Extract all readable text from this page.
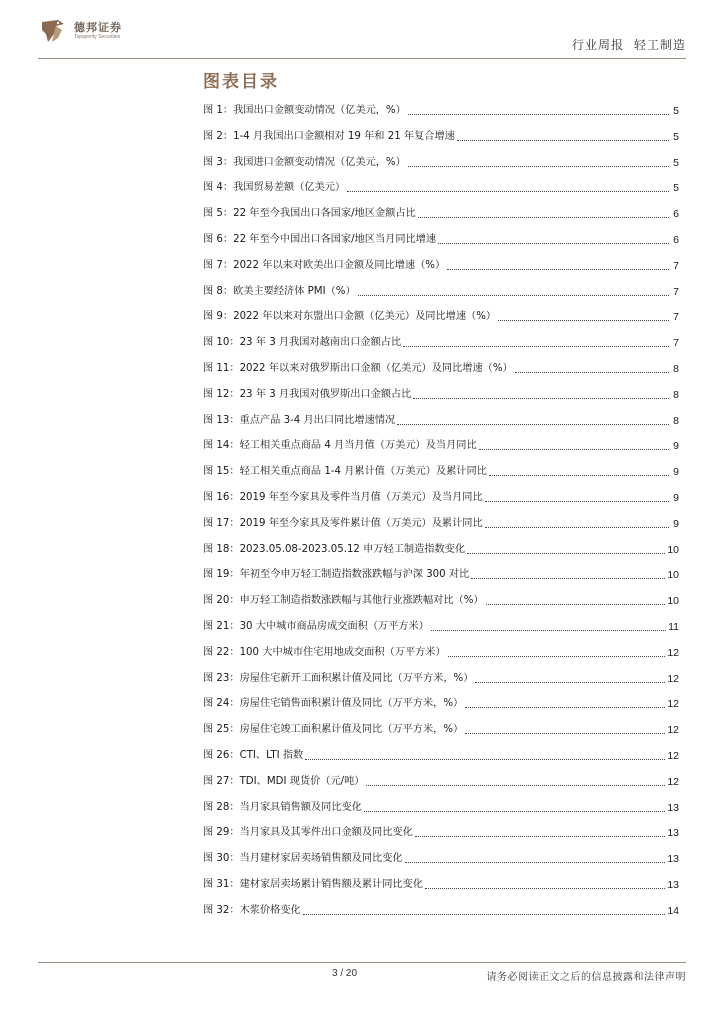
德邦证券
Topsperity Securities
行业周报 轻工制造
图表目录
图 1：我国出口金额变动情况（亿美元，%）	5
图 2：1-4 月我国出口金额相对 19 年和 21 年复合增速	5
图 3：我国进口金额变动情况（亿美元，%）	5
图 4：我国贸易差额（亿美元）	5
图 5：22 年至今我国出口各国家/地区金额占比	6
图 6：22 年至今中国出口各国家/地区当月同比增速	6
图 7：2022 年以来对欧美出口金额及同比增速（%）	7
图 8：欧美主要经济体 PMI（%）	7
图 9：2022 年以来对东盟出口金额（亿美元）及同比增速（%）	7
图 10：23 年 3 月我国对越南出口金额占比	7
图 11：2022 年以来对俄罗斯出口金额（亿美元）及同比增速（%）	8
图 12：23 年 3 月我国对俄罗斯出口金额占比	8
图 13：重点产品 3-4 月出口同比增速情况	8
图 14：轻工相关重点商品 4 月当月值（万美元）及当月同比	9
图 15：轻工相关重点商品 1-4 月累计值（万美元）及累计同比	9
图 16：2019 年至今家具及零件当月值（万美元）及当月同比	9
图 17：2019 年至今家具及零件累计值（万美元）及累计同比	9
图 18：2023.05.08-2023.05.12 申万轻工制造指数变化	10
图 19：年初至今申万轻工制造指数涨跌幅与沪深 300 对比	10
图 20：申万轻工制造指数涨跌幅与其他行业涨跌幅对比（%）	10
图 21：30 大中城市商品房成交面积（万平方米）	11
图 22：100 大中城市住宅用地成交面积（万平方米）	12
图 23：房屋住宅新开工面积累计值及同比（万平方米，%）	12
图 24：房屋住宅销售面积累计值及同比（万平方米，%）	12
图 25：房屋住宅竣工面积累计值及同比（万平方米，%）	12
图 26：CTI、LTI 指数	12
图 27：TDI、MDI 现货价（元/吨）	12
图 28：当月家具销售额及同比变化	13
图 29：当月家具及其零件出口金额及同比变化	13
图 30：当月建材家居卖场销售额及同比变化	13
图 31：建材家居卖场累计销售额及累计同比变化	13
图 32：木浆价格变化	14
3 / 20	请务必阅读正文之后的信息披露和法律声明
